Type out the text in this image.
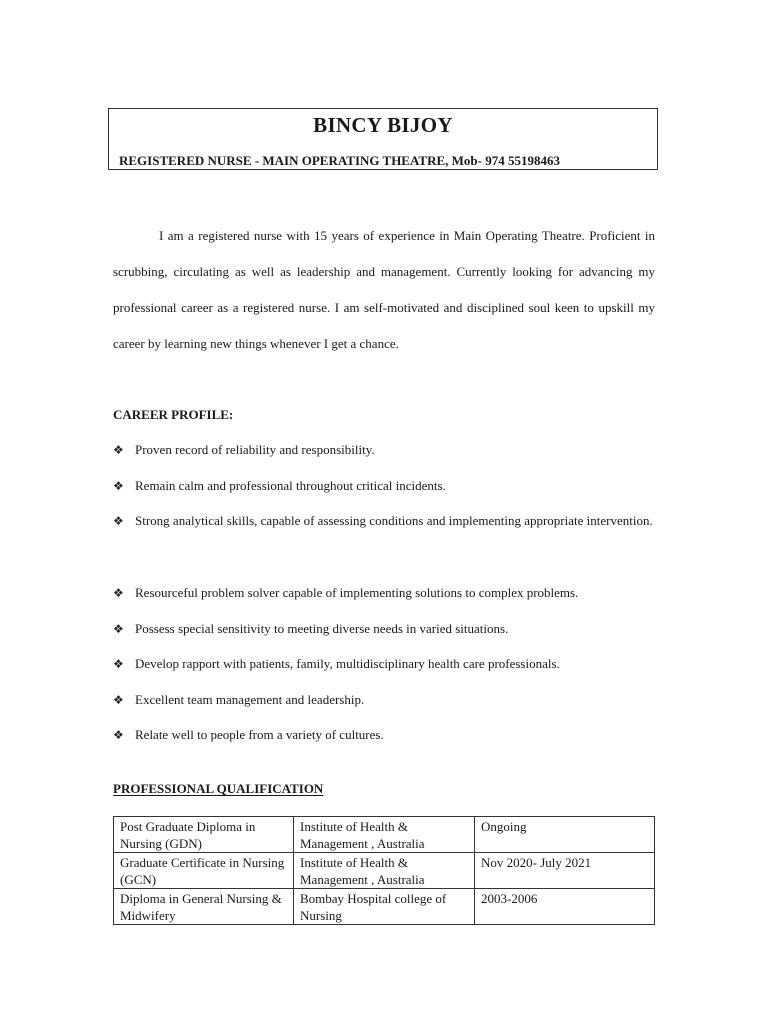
BINCY BIJOY
REGISTERED NURSE - MAIN OPERATING THEATRE, Mob- 974 55198463

I am a registered nurse with 15 years of experience in Main Operating Theatre. Proficient in scrubbing, circulating as well as leadership and management. Currently looking for advancing my professional career as a registered nurse. I am self-motivated and disciplined soul keen to upskill my career by learning new things whenever I get a chance.

CAREER PROFILE:
❖ Proven record of reliability and responsibility.
❖ Remain calm and professional throughout critical incidents.
❖ Strong analytical skills, capable of assessing conditions and implementing appropriate intervention.
❖ Resourceful problem solver capable of implementing solutions to complex problems.
❖ Possess special sensitivity to meeting diverse needs in varied situations.
❖ Develop rapport with patients, family, multidisciplinary health care professionals.
❖ Excellent team management and leadership.
❖ Relate well to people from a variety of cultures.
PROFESSIONAL QUALIFICATION
Post Graduate Diploma in Nursing (GDN)	Institute of Health & Management , Australia	Ongoing
Graduate Certificate in Nursing (GCN)	Institute of Health & Management , Australia	Nov 2020- July 2021
Diploma in General Nursing & Midwifery	Bombay Hospital college of Nursing	2003-2006
